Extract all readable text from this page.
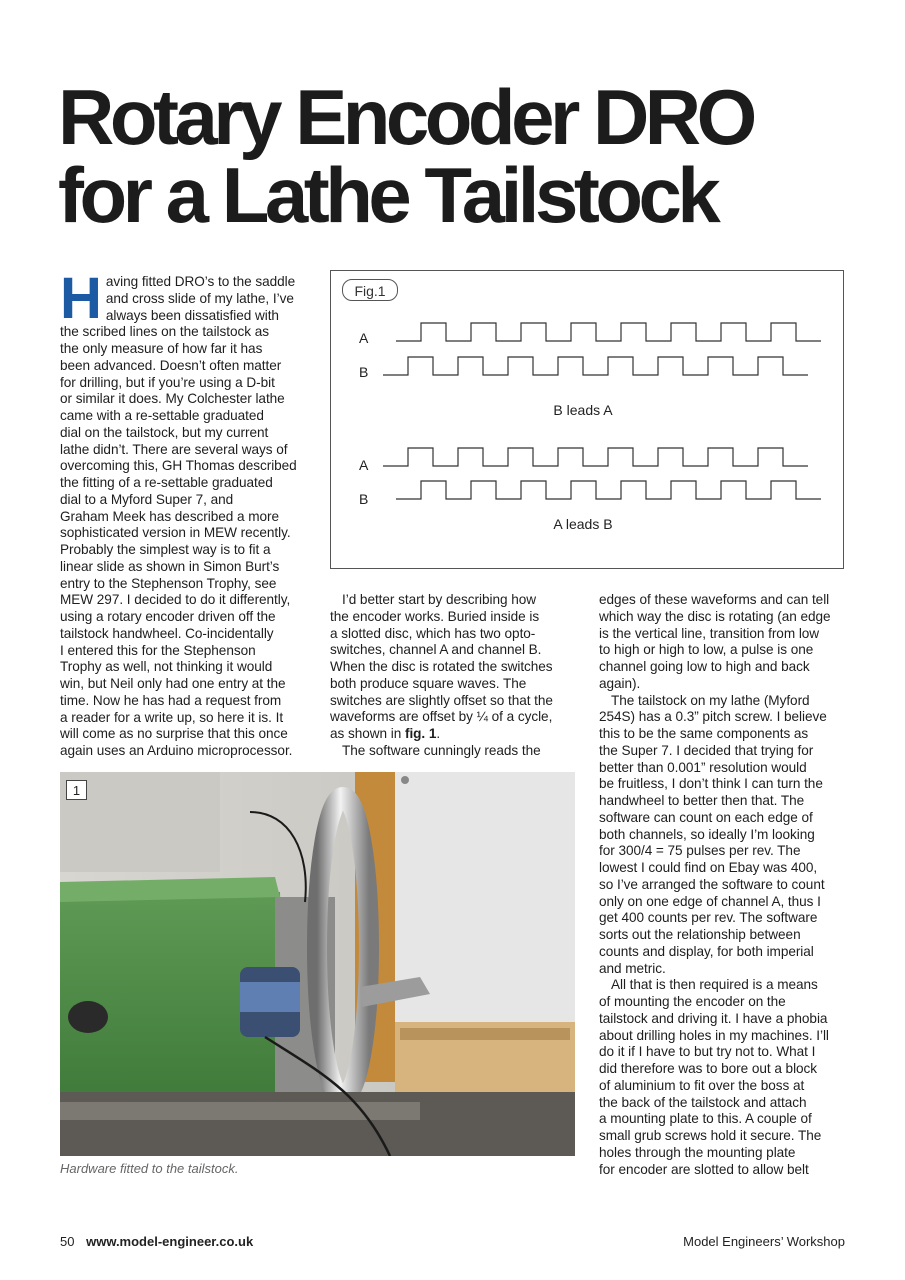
Rotary Encoder DRO
for a Lathe Tailstock
H aving fitted DRO’s to the saddle
and cross slide of my lathe, I’ve
always been dissatisfied with
the scribed lines on the tailstock as
the only measure of how far it has
been advanced. Doesn’t often matter
for drilling, but if you’re using a D-bit
or similar it does. My Colchester lathe
came with a re-settable graduated
dial on the tailstock, but my current
lathe didn’t. There are several ways of
overcoming this, GH Thomas described
the fitting of a re-settable graduated
dial to a Myford Super 7, and
Graham Meek has described a more
sophisticated version in MEW recently.
Probably the simplest way is to fit a
linear slide as shown in Simon Burt’s
entry to the Stephenson Trophy, see
MEW 297. I decided to do it differently,
using a rotary encoder driven off the
tailstock handwheel. Co-incidentally
I entered this for the Stephenson
Trophy as well, not thinking it would
win, but Neil only had one entry at the
time. Now he has had a request from
a reader for a write up, so here it is. It
will come as no surprise that this once
again uses an Arduino microprocessor.
Fig.1
A
B
B leads A
A
B
A leads B
I’d better start by describing how
the encoder works. Buried inside is
a slotted disc, which has two opto-
switches, channel A and channel B.
When the disc is rotated the switches
both produce square waves. The
switches are slightly offset so that the
waveforms are offset by ¼ of a cycle,
as shown in fig. 1.
The software cunningly reads the
edges of these waveforms and can tell
which way the disc is rotating (an edge
is the vertical line, transition from low
to high or high to low, a pulse is one
channel going low to high and back
again).
The tailstock on my lathe (Myford
254S) has a 0.3” pitch screw. I believe
this to be the same components as
the Super 7. I decided that trying for
better than 0.001” resolution would
be fruitless, I don’t think I can turn the
handwheel to better then that. The
software can count on each edge of
both channels, so ideally I’m looking
for 300/4 = 75 pulses per rev. The
lowest I could find on Ebay was 400,
so I’ve arranged the software to count
only on one edge of channel A, thus I
get 400 counts per rev. The software
sorts out the relationship between
counts and display, for both imperial
and metric.
All that is then required is a means
of mounting the encoder on the
tailstock and driving it. I have a phobia
about drilling holes in my machines. I’ll
do it if I have to but try not to. What I
did therefore was to bore out a block
of aluminium to fit over the boss at
the back of the tailstock and attach
a mounting plate to this. A couple of
small grub screws hold it secure. The
holes through the mounting plate
for encoder are slotted to allow belt
1
Hardware fitted to the tailstock.
50 www.model-engineer.co.uk	Model Engineers’ Workshop
